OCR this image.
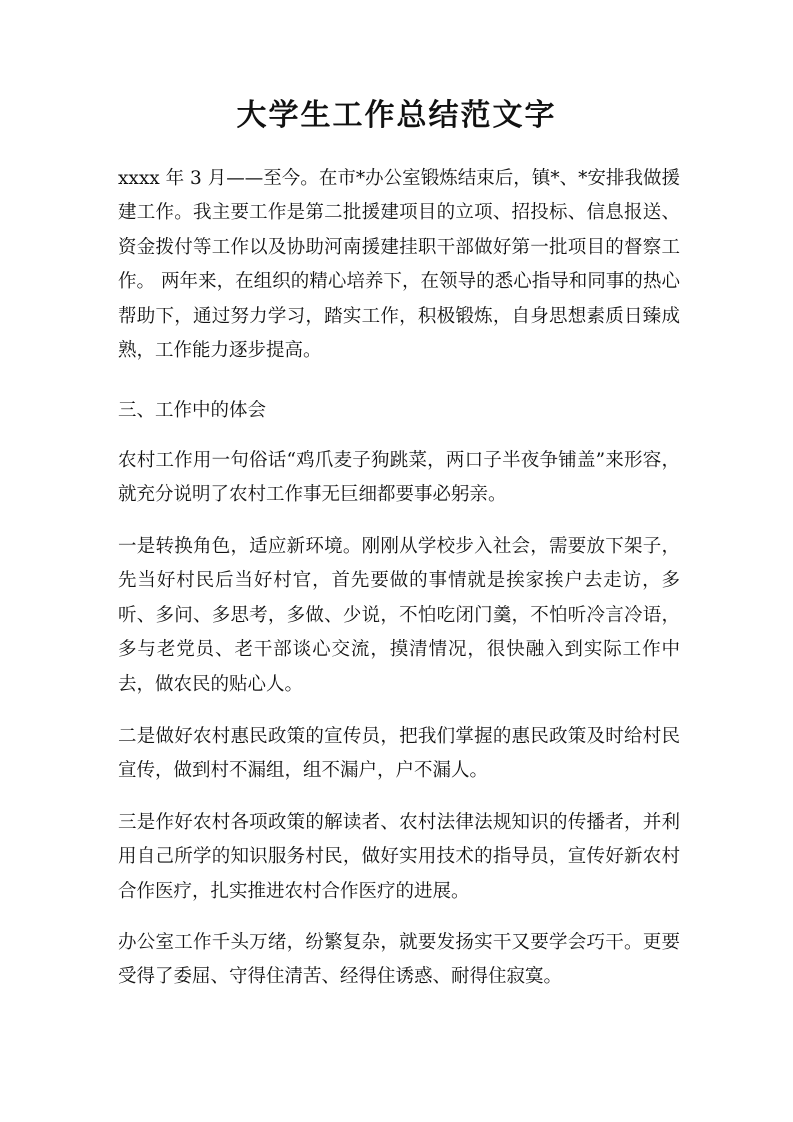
大学生工作总结范文字

xxxx 年 3 月——至今。在市*办公室锻炼结束后，镇*、*安排我做援建工作。我主要工作是第二批援建项目的立项、招投标、信息报送、资金拨付等工作以及协助河南援建挂职干部做好第一批项目的督察工作。 两年来，在组织的精心培养下，在领导的悉心指导和同事的热心帮助下，通过努力学习，踏实工作，积极锻炼，自身思想素质日臻成熟，工作能力逐步提高。

三、工作中的体会

农村工作用一句俗话“鸡爪麦子狗跳菜，两口子半夜争铺盖”来形容，就充分说明了农村工作事无巨细都要事必躬亲。

一是转换角色，适应新环境。刚刚从学校步入社会，需要放下架子，先当好村民后当好村官，首先要做的事情就是挨家挨户去走访，多听、多问、多思考，多做、少说，不怕吃闭门羹，不怕听冷言冷语，多与老党员、老干部谈心交流，摸清情况，很快融入到实际工作中去，做农民的贴心人。

二是做好农村惠民政策的宣传员，把我们掌握的惠民政策及时给村民宣传，做到村不漏组，组不漏户，户不漏人。

三是作好农村各项政策的解读者、农村法律法规知识的传播者，并利用自己所学的知识服务村民，做好实用技术的指导员，宣传好新农村合作医疗，扎实推进农村合作医疗的进展。

办公室工作千头万绪，纷繁复杂，就要发扬实干又要学会巧干。更要受得了委屈、守得住清苦、经得住诱惑、耐得住寂寞。
